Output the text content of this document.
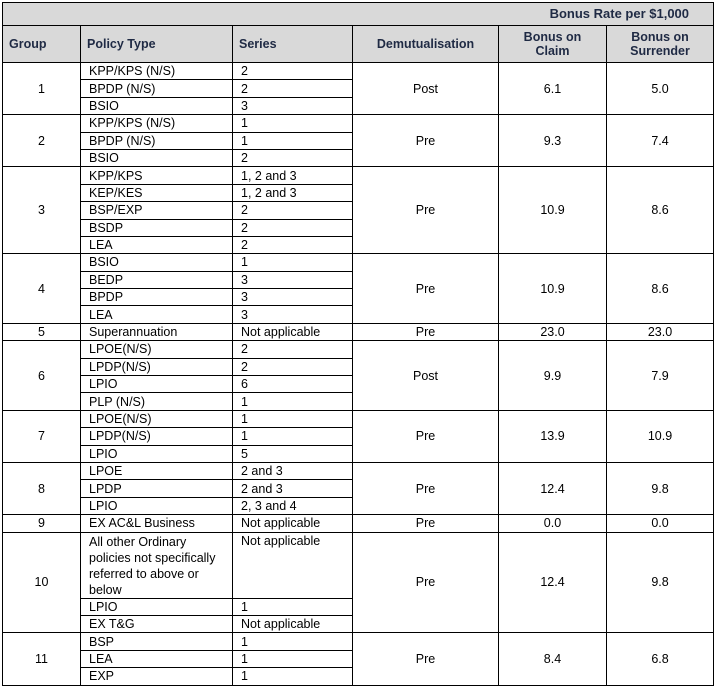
Bonus Rate per $1,000					
Group	Policy Type	Series	Demutualisation	Bonus on Claim	Bonus on Surrender
1	KPP/KPS (N/S)	2	Post	6.1	5.0
	BPDP (N/S)	2			
	BSIO	3			
2	KPP/KPS (N/S)	1	Pre	9.3	7.4
	BPDP (N/S)	1			
	BSIO	2			
3	KPP/KPS	1, 2 and 3	Pre	10.9	8.6
	KEP/KES	1, 2 and 3			
	BSP/EXP	2			
	BSDP	2			
	LEA	2			
4	BSIO	1	Pre	10.9	8.6
	BEDP	3			
	BPDP	3			
	LEA	3			
5	Superannuation	Not applicable	Pre	23.0	23.0
6	LPOE(N/S)	2	Post	9.9	7.9
	LPDP(N/S)	2			
	LPIO	6			
	PLP (N/S)	1			
7	LPOE(N/S)	1	Pre	13.9	10.9
	LPDP(N/S)	1			
	LPIO	5			
8	LPOE	2 and 3	Pre	12.4	9.8
	LPDP	2 and 3			
	LPIO	2, 3 and 4			
9	EX AC&L Business	Not applicable	Pre	0.0	0.0
10	All other Ordinary policies not specifically referred to above or below	Not applicable	Pre	12.4	9.8
	LPIO	1			
	EX T&G	Not applicable			
11	BSP	1	Pre	8.4	6.8
	LEA	1			
	EXP	1			
